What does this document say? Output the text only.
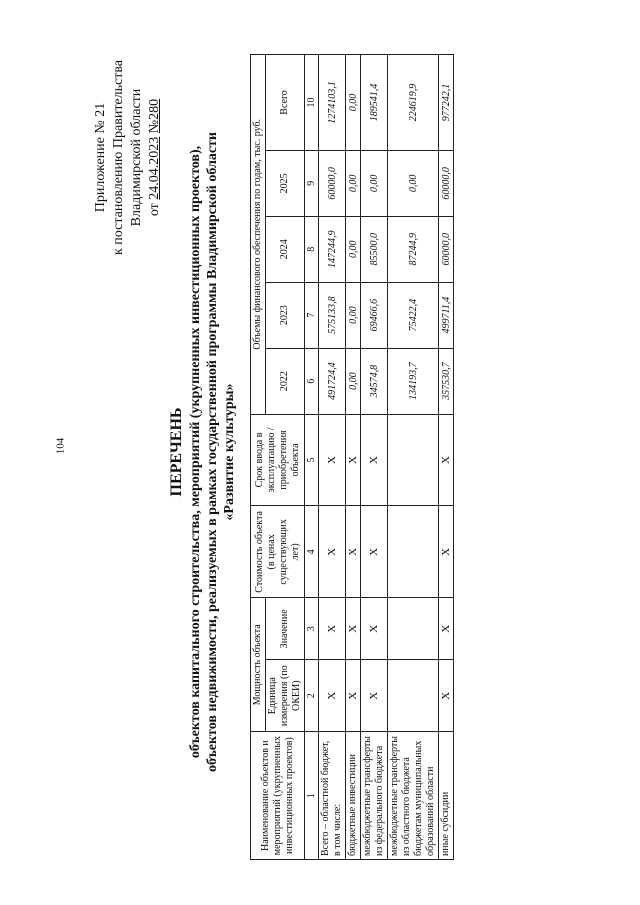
104
Приложение № 21 к постановлению Правительства Владимирской области от 24.04.2023 №280
ПЕРЕЧЕНЬ объектов капитального строительства, мероприятий (укрупненных инвестиционных проектов), объектов недвижимости, реализуемых в рамках государственной программы Владимирской области «Развитие культуры»
Наименование объектов и мероприятий (укрупненных инвестиционных проектов)	Мощность объекта		Стоимость объекта (в ценах существующих лет)	Срок ввода в эксплуатацию / приобретения объекта	Объемы финансового обеспечения по годам, тыс. руб.				
	Единица измерения (по ОКЕИ)	Значение			2022	2023	2024	2025	Всего

1	2	3	4	5	6	7	8	9	10
Всего – областной бюджет, в том числе:	X	X	X	X	491724,4	575133,8	147244,9	60000,0	1274103,1
бюджетные инвестиции	X	X	X	X	0,00	0,00	0,00	0,00	0,00
межбюджетные трансферты из федерального бюджета	X	X	X	X	34574,8	69466,6	85500,0	0,00	189541,4
межбюджетные трансферты из областного бюджета бюджетам муниципальных образований области					134193,7	75422,4	87244,9	0,00	224619,9
иные субсидии	X	X	X	X	357530,7	499711,4	60000,0	60000,0	977242,1
